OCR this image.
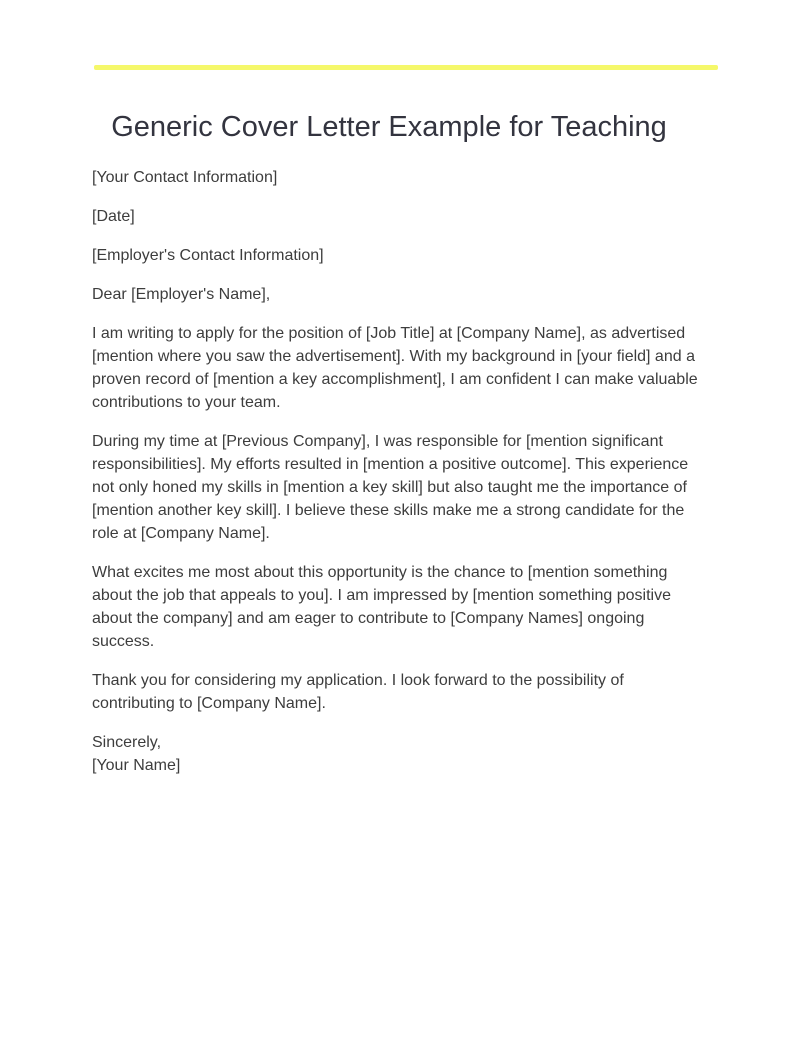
Generic Cover Letter Example for Teaching

[Your Contact Information]

[Date]

[Employer's Contact Information]

Dear [Employer's Name],

I am writing to apply for the position of [Job Title] at [Company Name], as advertised [mention where you saw the advertisement]. With my background in [your field] and a proven record of [mention a key accomplishment], I am confident I can make valuable contributions to your team.

During my time at [Previous Company], I was responsible for [mention significant responsibilities]. My efforts resulted in [mention a positive outcome]. This experience not only honed my skills in [mention a key skill] but also taught me the importance of [mention another key skill]. I believe these skills make me a strong candidate for the role at [Company Name].

What excites me most about this opportunity is the chance to [mention something about the job that appeals to you]. I am impressed by [mention something positive about the company] and am eager to contribute to [Company Names] ongoing success.

Thank you for considering my application. I look forward to the possibility of contributing to [Company Name].

Sincerely,
[Your Name]
